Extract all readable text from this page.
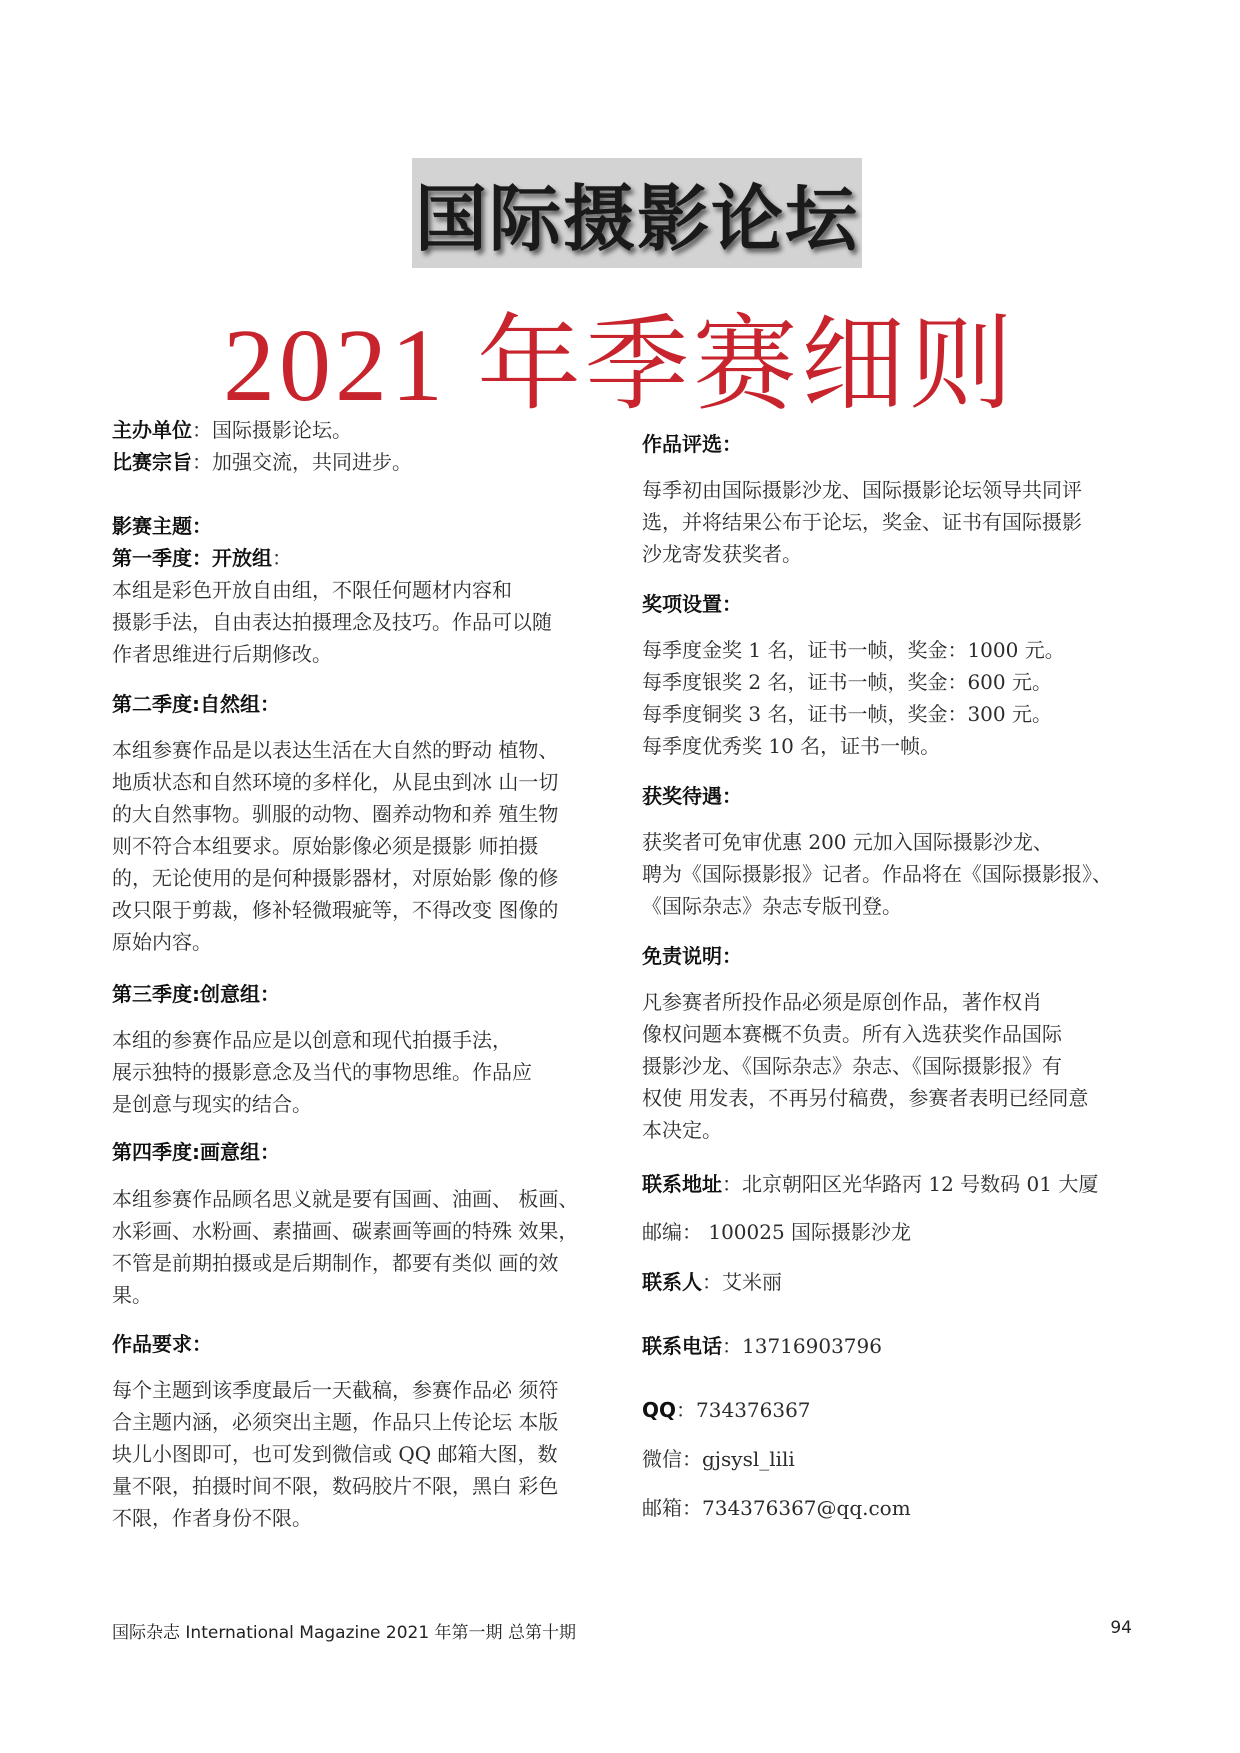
国际摄影论坛
2021 年季赛细则
主办单位：国际摄影论坛。
比赛宗旨：加强交流，共同进步。
影赛主题：
第一季度：开放组：
本组是彩色开放自由组，不限任何题材内容和
摄影手法，自由表达拍摄理念及技巧。作品可以随
作者思维进行后期修改。
第二季度:自然组：
本组参赛作品是以表达生活在大自然的野动 植物、
地质状态和自然环境的多样化，从昆虫到冰 山一切
的大自然事物。驯服的动物、圈养动物和养 殖生物
则不符合本组要求。原始影像必须是摄影 师拍摄
的，无论使用的是何种摄影器材，对原始影 像的修
改只限于剪裁，修补轻微瑕疵等，不得改变 图像的
原始内容。
第三季度:创意组：
本组的参赛作品应是以创意和现代拍摄手法，
展示独特的摄影意念及当代的事物思维。作品应
是创意与现实的结合。
第四季度:画意组：
本组参赛作品顾名思义就是要有国画、油画、 板画、
水彩画、水粉画、素描画、碳素画等画的特殊 效果，
不管是前期拍摄或是后期制作，都要有类似 画的效
果。
作品要求：
每个主题到该季度最后一天截稿，参赛作品必 须符
合主题内涵，必须突出主题，作品只上传论坛 本版
块儿小图即可，也可发到微信或 QQ 邮箱大图，数
量不限，拍摄时间不限，数码胶片不限，黑白 彩色
不限，作者身份不限。
作品评选：
每季初由国际摄影沙龙、国际摄影论坛领导共同评
选，并将结果公布于论坛，奖金、证书有国际摄影
沙龙寄发获奖者。
奖项设置：
每季度金奖 1 名，证书一帧，奖金：1000 元。
每季度银奖 2 名，证书一帧，奖金：600 元。
每季度铜奖 3 名，证书一帧，奖金：300 元。
每季度优秀奖 10 名，证书一帧。
获奖待遇：
获奖者可免审优惠 200 元加入国际摄影沙龙、
聘为《国际摄影报》记者。作品将在《国际摄影报》、
《国际杂志》杂志专版刊登。
免责说明：
凡参赛者所投作品必须是原创作品，著作权肖
像权问题本赛概不负责。所有入选获奖作品国际
摄影沙龙、《国际杂志》杂志、《国际摄影报》有
权使 用发表，不再另付稿费，参赛者表明已经同意
本决定。
联系地址：北京朝阳区光华路丙 12 号数码 01 大厦
邮编： 100025 国际摄影沙龙
联系人：艾米丽
联系电话：13716903796
QQ：734376367
微信：gjsysl_lili
邮箱：734376367@qq.com
国际杂志 International Magazine 2021 年第一期 总第十期	94
